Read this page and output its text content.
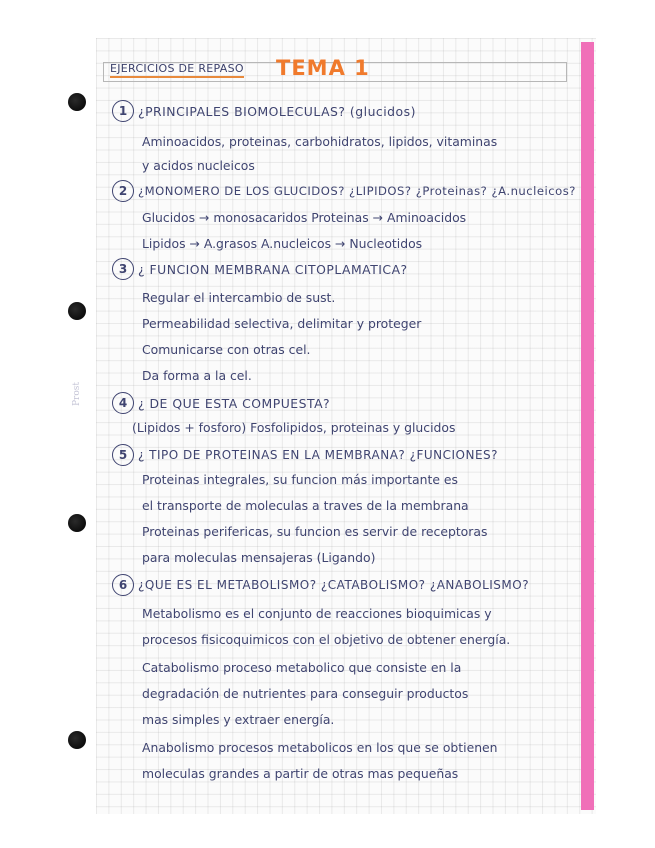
Prost
EJERCICIOS DE REPASO TEMA 1
1 ¿PRINCIPALES BIOMOLECULAS? (glucidos)
Aminoacidos, proteinas, carbohidratos, lipidos, vitaminas
y acidos nucleicos
2 ¿MONOMERO DE LOS GLUCIDOS? ¿LIPIDOS? ¿Proteinas? ¿A.nucleicos?
Glucidos → monosacaridos Proteinas → Aminoacidos
Lipidos → A.grasos A.nucleicos → Nucleotidos
3 ¿ FUNCION MEMBRANA CITOPLAMATICA?
Regular el intercambio de sust.
Permeabilidad selectiva, delimitar y proteger
Comunicarse con otras cel.
Da forma a la cel.
4 ¿ DE QUE ESTA COMPUESTA?
(Lipidos + fosforo) Fosfolipidos, proteinas y glucidos
5 ¿ TIPO DE PROTEINAS EN LA MEMBRANA? ¿FUNCIONES?
Proteinas integrales, su funcion más importante es
el transporte de moleculas a traves de la membrana
Proteinas perifericas, su funcion es servir de receptoras
para moleculas mensajeras (Ligando)
6 ¿QUE ES EL METABOLISMO? ¿CATABOLISMO? ¿ANABOLISMO?
Metabolismo es el conjunto de reacciones bioquimicas y
procesos fisicoquimicos con el objetivo de obtener energía.
Catabolismo proceso metabolico que consiste en la
degradación de nutrientes para conseguir productos
mas simples y extraer energía.
Anabolismo procesos metabolicos en los que se obtienen
moleculas grandes a partir de otras mas pequeñas
